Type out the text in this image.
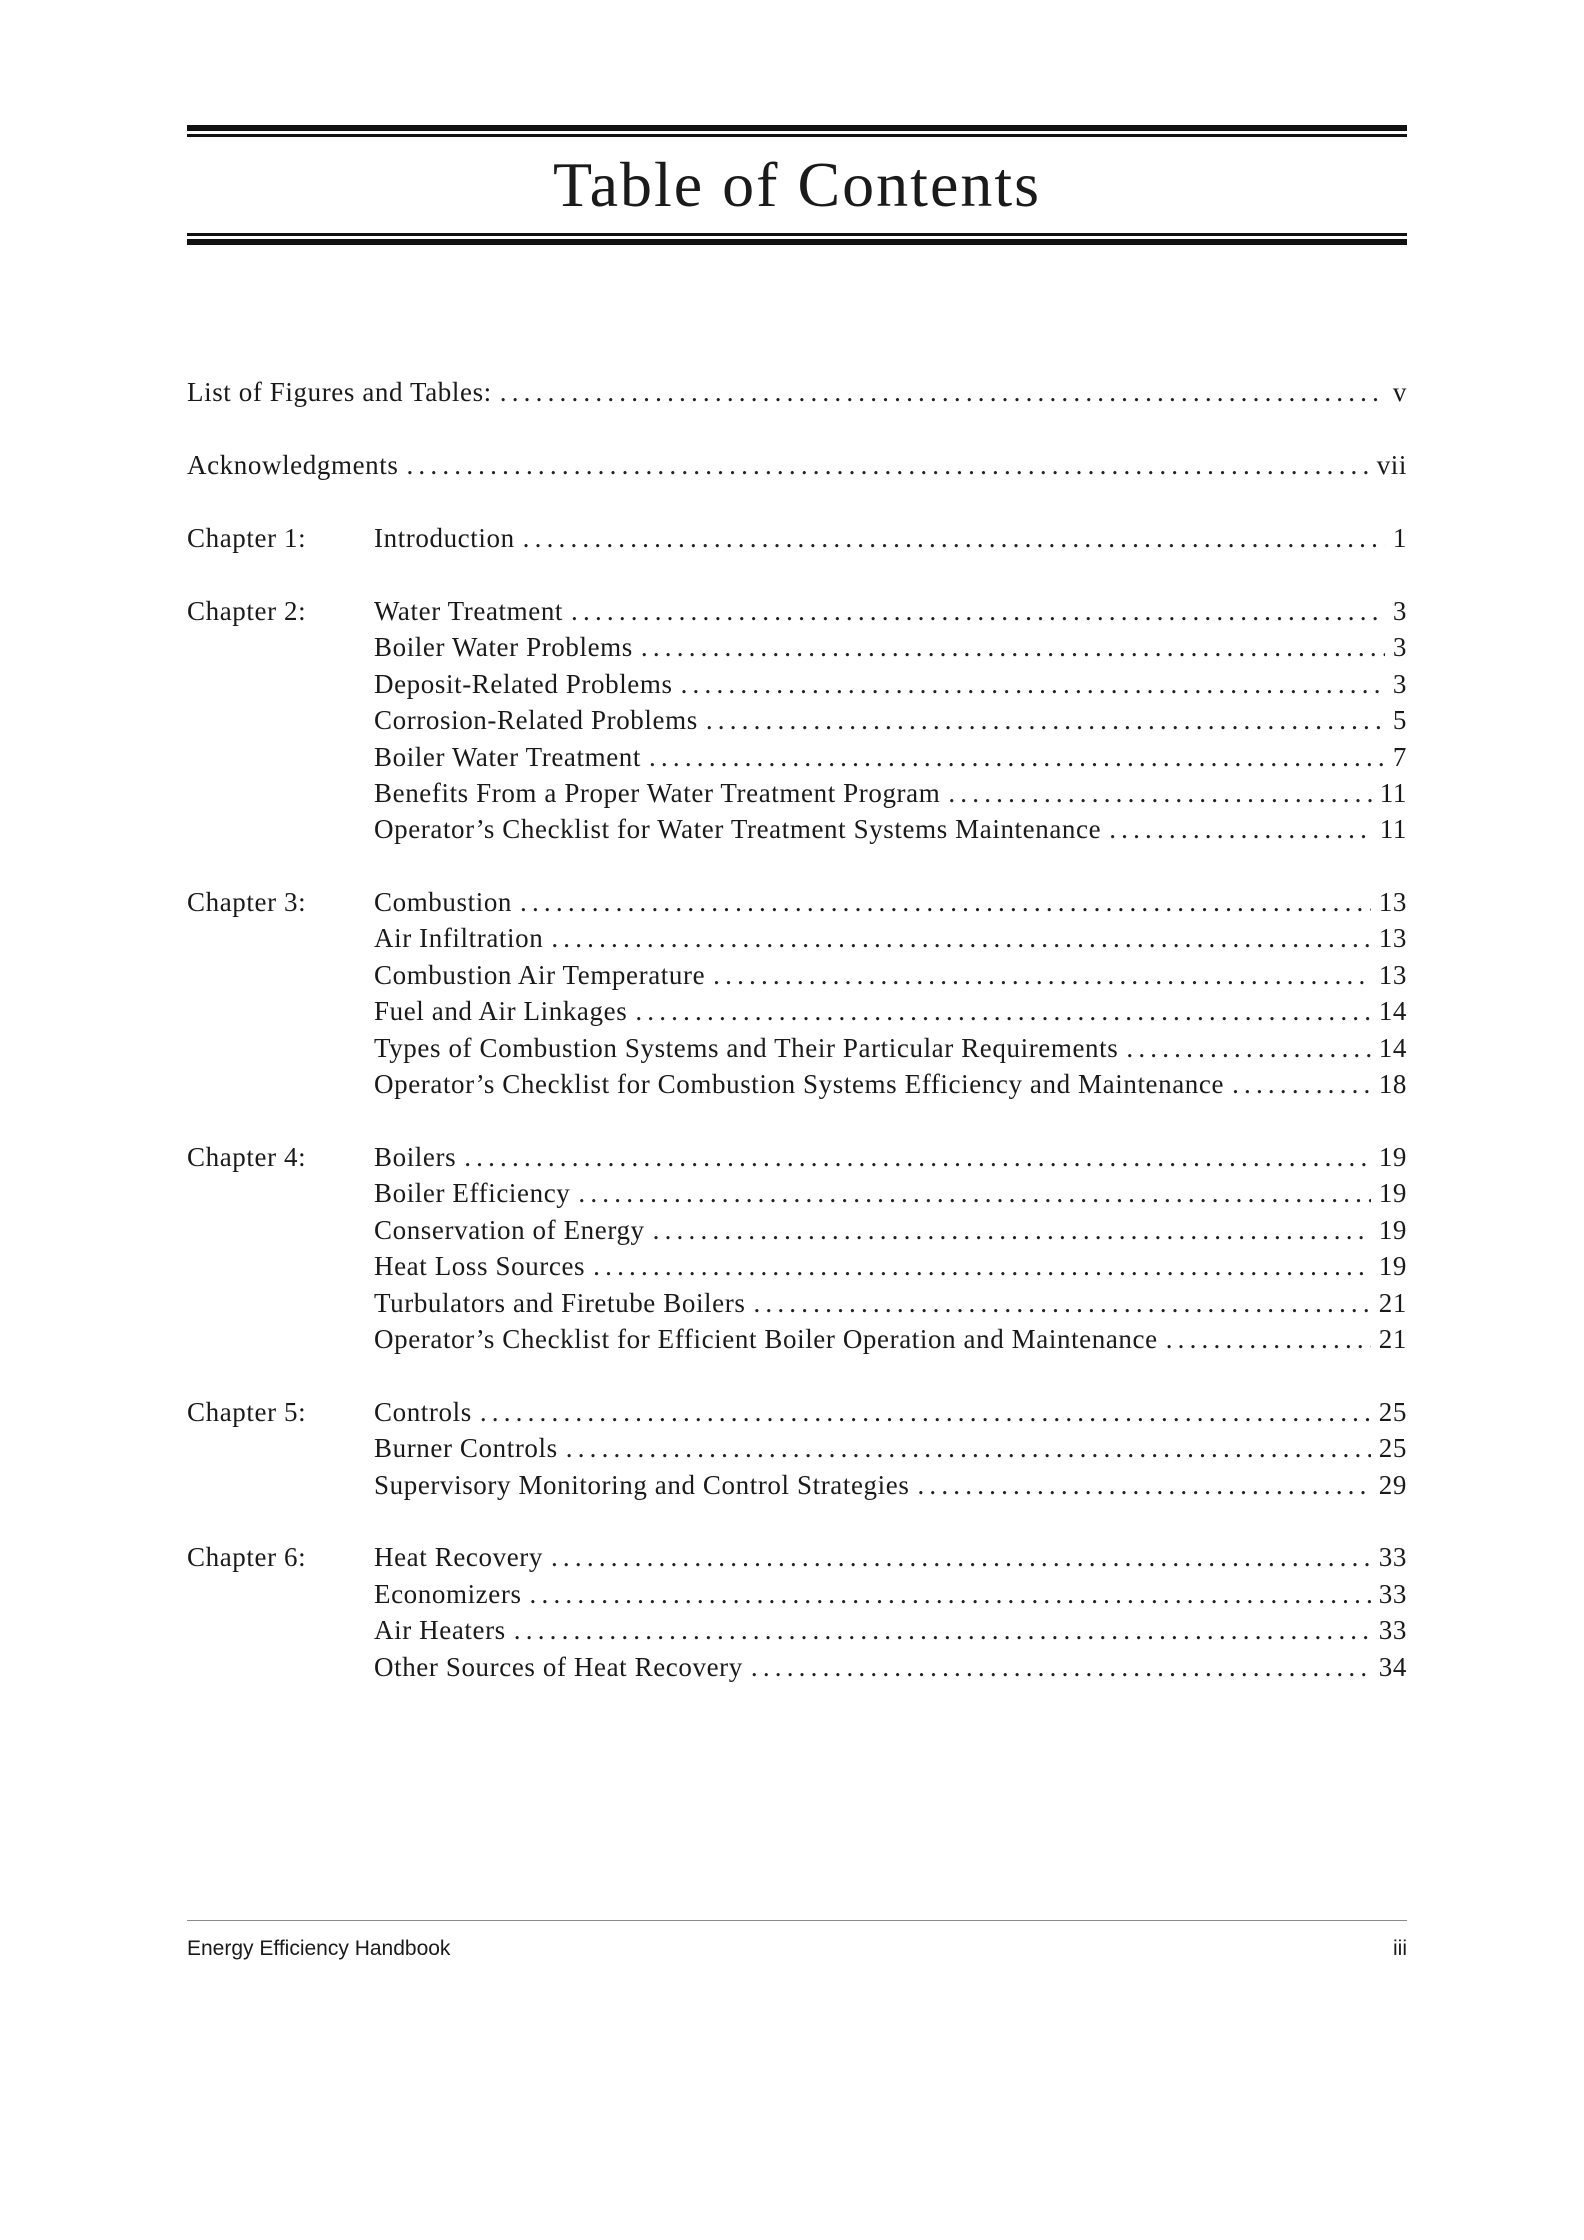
Table of Contents
List of Figures and Tables: .....	v
Acknowledgments .....	vii
Chapter 1:	Introduction .....	1
Chapter 2:	Water Treatment .....	3
Boiler Water Problems .....	3
Deposit-Related Problems .....	3
Corrosion-Related Problems .....	5
Boiler Water Treatment .....	7
Benefits From a Proper Water Treatment Program .....	11
Operator’s Checklist for Water Treatment Systems Maintenance .....	11
Chapter 3:	Combustion .....	13
Air Infiltration .....	13
Combustion Air Temperature .....	13
Fuel and Air Linkages .....	14
Types of Combustion Systems and Their Particular Requirements .....	14
Operator’s Checklist for Combustion Systems Efficiency and Maintenance .....	18
Chapter 4:	Boilers .....	19
Boiler Efficiency .....	19
Conservation of Energy .....	19
Heat Loss Sources .....	19
Turbulators and Firetube Boilers .....	21
Operator’s Checklist for Efficient Boiler Operation and Maintenance .....	21
Chapter 5:	Controls .....	25
Burner Controls .....	25
Supervisory Monitoring and Control Strategies .....	29
Chapter 6:	Heat Recovery .....	33
Economizers .....	33
Air Heaters .....	33
Other Sources of Heat Recovery .....	34
Energy Efficiency Handbook	iii
